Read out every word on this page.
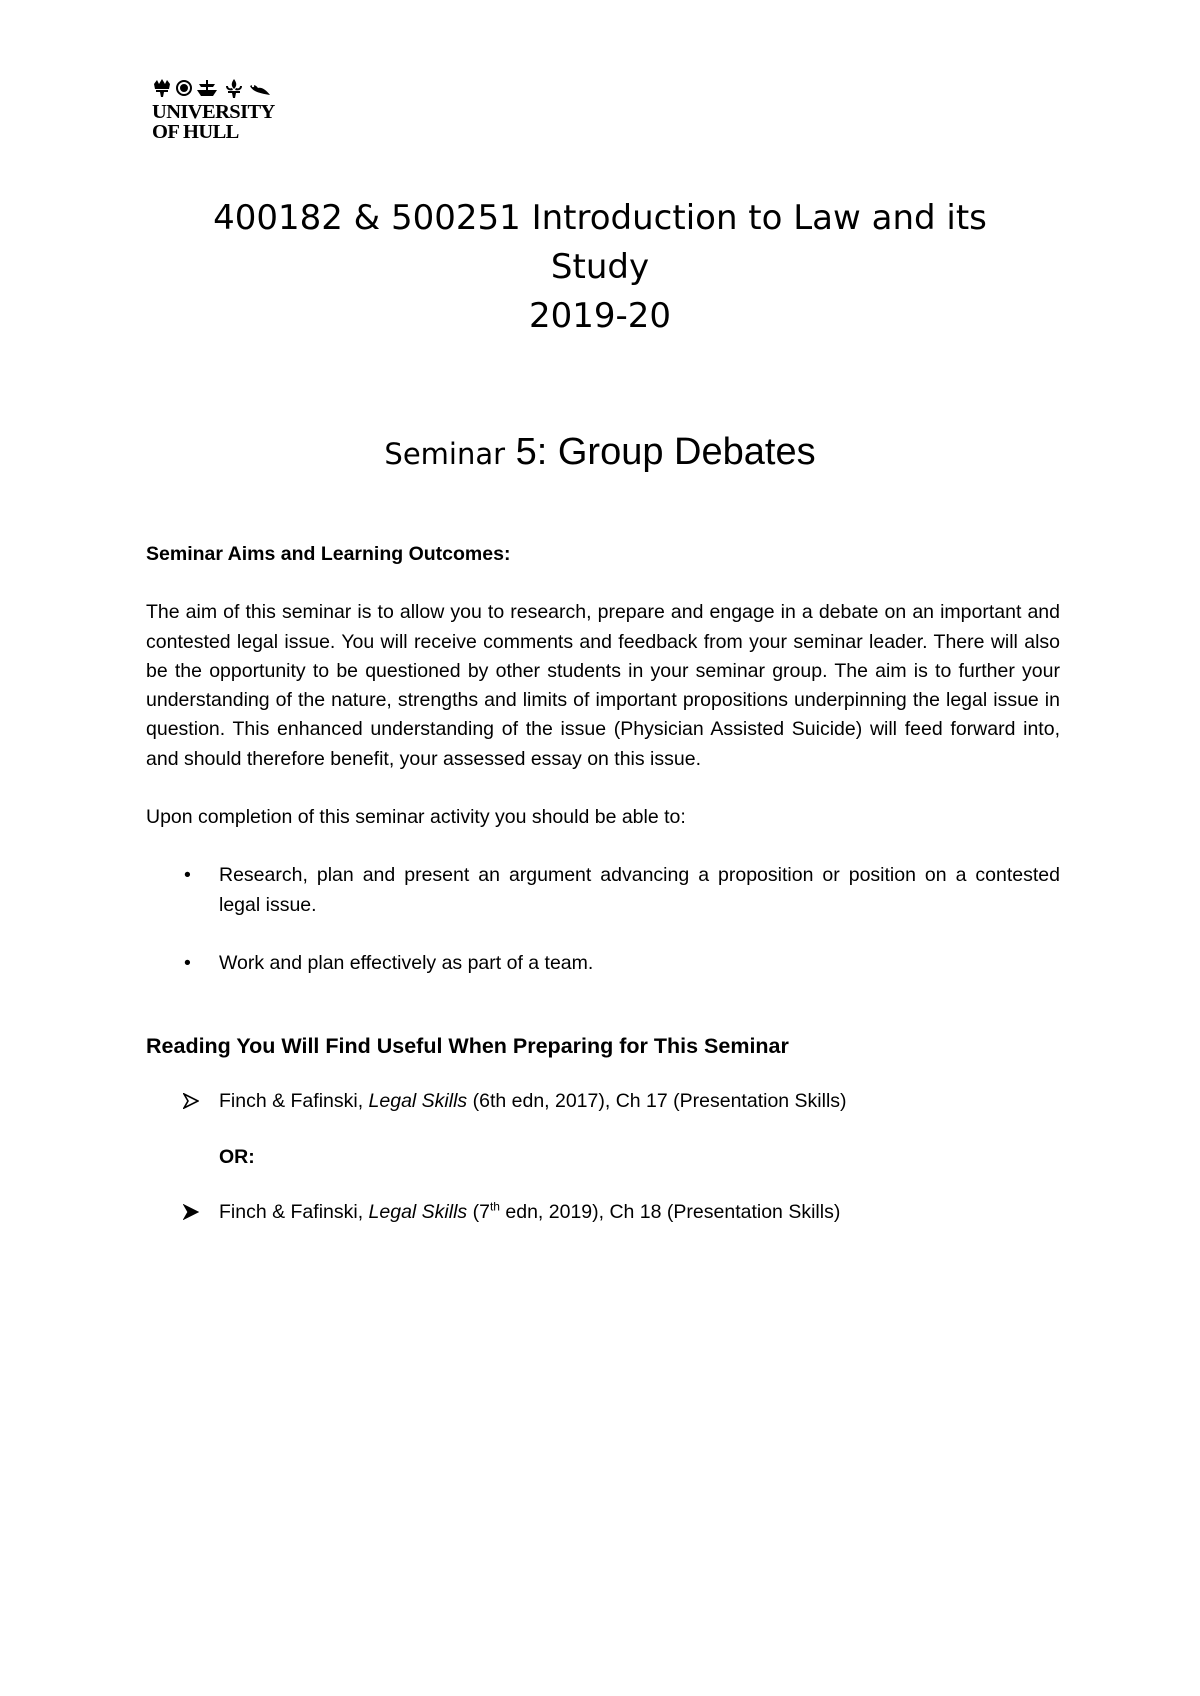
UNIVERSITY
OF HULL
400182 & 500251 Introduction to Law and its
Study
2019-20
Seminar 5: Group Debates

Seminar Aims and Learning Outcomes:

The aim of this seminar is to allow you to research, prepare and engage in a debate on an important and contested legal issue. You will receive comments and feedback from your seminar leader. There will also be the opportunity to be questioned by other students in your seminar group. The aim is to further your understanding of the nature, strengths and limits of important propositions underpinning the legal issue in question. This enhanced understanding of the issue (Physician Assisted Suicide) will feed forward into, and should therefore benefit, your assessed essay on this issue.

Upon completion of this seminar activity you should be able to:

• Research, plan and present an argument advancing a proposition or position on a contested legal issue.
• Work and plan effectively as part of a team.

Reading You Will Find Useful When Preparing for This Seminar

Finch & Fafinski, Legal Skills (6th edn, 2017), Ch 17 (Presentation Skills)

OR:

Finch & Fafinski, Legal Skills (7th edn, 2019), Ch 18 (Presentation Skills)
